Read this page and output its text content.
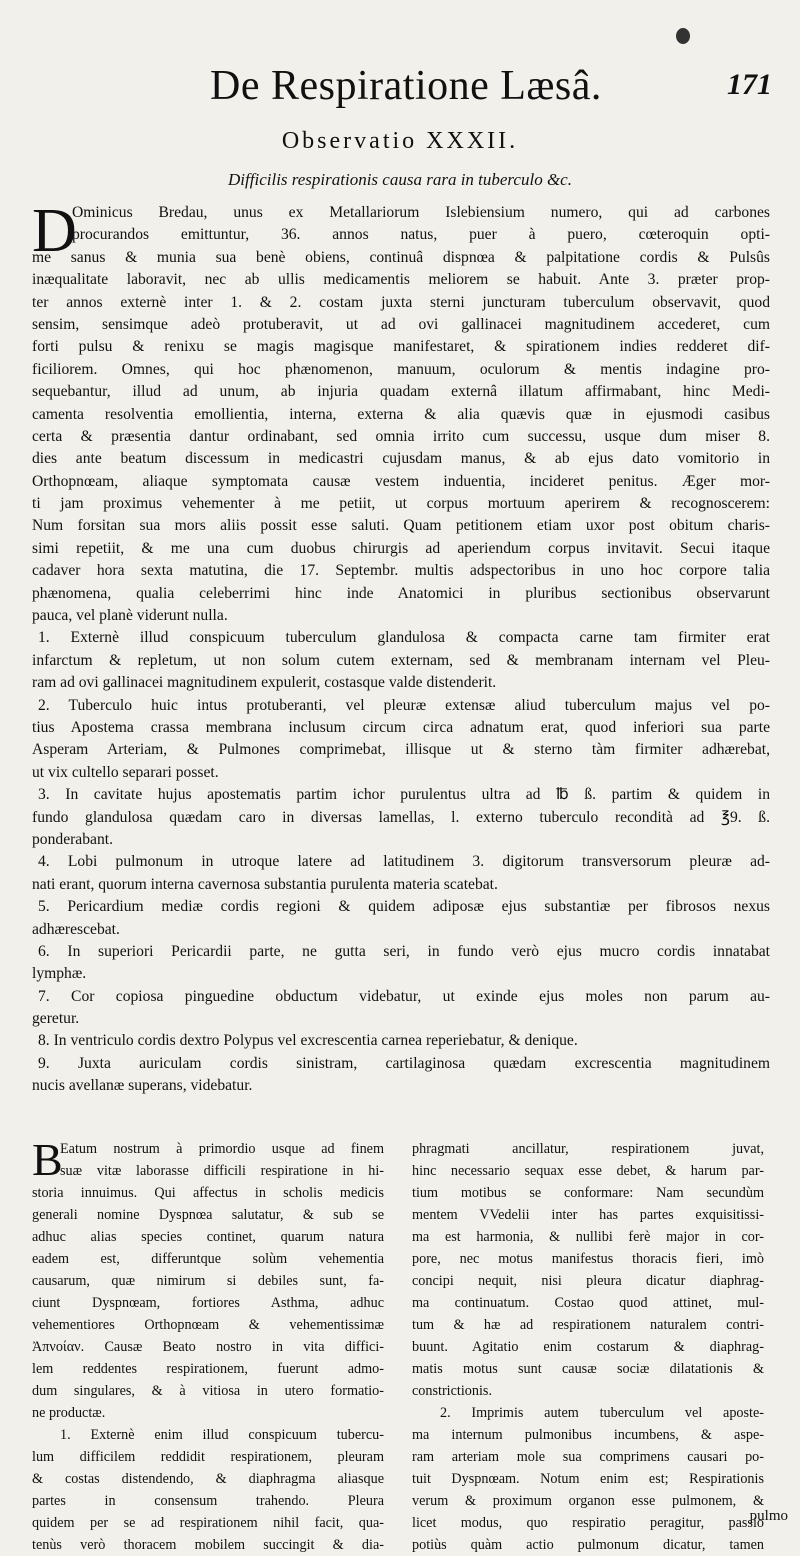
De Respiratione Læsâ.	171
Observatio XXXII.
Difficilis respirationis causa rara in tuberculo &c.
D
Ominicus Bredau, unus ex Metallariorum Islebiensium numero, qui ad carbones
procurandos emittuntur, 36. annos natus, puer à puero, cœteroquin opti-
me sanus & munia sua benè obiens, continuâ dispnœa & palpitatione cordis & Pulsûs
inæqualitate laboravit, nec ab ullis medicamentis meliorem se habuit. Ante 3. præter prop-
ter annos externè inter 1. & 2. costam juxta sterni juncturam tuberculum observavit, quod
sensim, sensimque adeò protuberavit, ut ad ovi gallinacei magnitudinem accederet, cum
forti pulsu & renixu se magis magisque manifestaret, & spirationem indies redderet dif-
ficiliorem. Omnes, qui hoc phænomenon, manuum, oculorum & mentis indagine pro-
sequebantur, illud ad unum, ab injuria quadam externâ illatum affirmabant, hinc Medi-
camenta resolventia emollientia, interna, externa & alia quævis quæ in ejusmodi casibus
certa & præsentia dantur ordinabant, sed omnia irrito cum successu, usque dum miser 8.
dies ante beatum discessum in medicastri cujusdam manus, & ab ejus dato vomitorio in
Orthopnœam, aliaque symptomata causæ vestem induentia, incideret penitus. Æger mor-
ti jam proximus vehementer à me petiit, ut corpus mortuum aperirem & recognoscerem:
Num forsitan sua mors aliis possit esse saluti. Quam petitionem etiam uxor post obitum charis-
simi repetiit, & me una cum duobus chirurgis ad aperiendum corpus invitavit. Secui itaque
cadaver hora sexta matutina, die 17. Septembr. multis adspectoribus in uno hoc corpore talia
phænomena, qualia celeberrimi hinc inde Anatomici in pluribus sectionibus observarunt
pauca, vel planè viderunt nulla.
1. Externè illud conspicuum tuberculum glandulosa & compacta carne tam firmiter erat
infarctum & repletum, ut non solum cutem externam, sed & membranam internam vel Pleu-
ram ad ovi gallinacei magnitudinem expulerit, costasque valde distenderit.
2. Tuberculo huic intus protuberanti, vel pleuræ extensæ aliud tuberculum majus vel po-
tius Apostema crassa membrana inclusum circum circa adnatum erat, quod inferiori sua parte
Asperam Arteriam, & Pulmones comprimebat, illisque ut & sterno tàm firmiter adhærebat,
ut vix cultello separari posset.
3. In cavitate hujus apostematis partim ichor purulentus ultra ad ℔ ß. partim & quidem in
fundo glandulosa quædam caro in diversas lamellas, l. externo tuberculo recondità ad ℥9. ß.
ponderabant.
4. Lobi pulmonum in utroque latere ad latitudinem 3. digitorum transversorum pleuræ ad-
nati erant, quorum interna cavernosa substantia purulenta materia scatebat.
5. Pericardium mediæ cordis regioni & quidem adiposæ ejus substantiæ per fibrosos nexus
adhærescebat.
6. In superiori Pericardii parte, ne gutta seri, in fundo verò ejus mucro cordis innatabat
lymphæ.
7. Cor copiosa pinguedine obductum videbatur, ut exinde ejus moles non parum au-
geretur.
8. In ventriculo cordis dextro Polypus vel excrescentia carnea reperiebatur, & denique.
9. Juxta auriculam cordis sinistram, cartilaginosa quædam excrescentia magnitudinem
nucis avellanæ superans, videbatur.
B
Eatum nostrum à primordio usque ad finem
suæ vitæ laborasse difficili respiratione in hi-
storia innuimus. Qui affectus in scholis medicis
generali nomine Dyspnœa salutatur, & sub se
adhuc alias species continet, quarum natura
eadem est, differuntque solùm vehementia
causarum, quæ nimirum si debiles sunt, fa-
ciunt Dyspnœam, fortiores Asthma, adhuc
vehementiores Orthopnœam & vehementissimæ
Ἀπνοίαν. Causæ Beato nostro in vita diffici-
lem reddentes respirationem, fuerunt admo-
dum singulares, & à vitiosa in utero formatio-
ne productæ.
1. Externè enim illud conspicuum tubercu-
lum difficilem reddidit respirationem, pleuram
& costas distendendo, & diaphragma aliasque
partes in consensum trahendo. Pleura
quidem per se ad respirationem nihil facit, qua-
tenùs verò thoracem mobilem succingit & dia-
phragmati ancillatur, respirationem juvat,
hinc necessario sequax esse debet, & harum par-
tium motibus se conformare: Nam secundùm
mentem VVedelii inter has partes exquisitissi-
ma est harmonia, & nullibi ferè major in cor-
pore, nec motus manifestus thoracis fieri, imò
concipi nequit, nisi pleura dicatur diaphrag-
ma continuatum. Costao quod attinet, mul-
tum & hæ ad respirationem naturalem contri-
buunt. Agitatio enim costarum & diaphrag-
matis motus sunt causæ sociæ dilatationis &
constrictionis.
2. Imprimis autem tuberculum vel aposte-
ma internum pulmonibus incumbens, & aspe-
ram arteriam mole sua comprimens causari po-
tuit Dyspnœam. Notum enim est; Respirationis
verum & proximum organon esse pulmonem, &
licet modus, quo respiratio peragitur, passio
potiùs quàm actio pulmonum dicatur, tamen
pulmo
